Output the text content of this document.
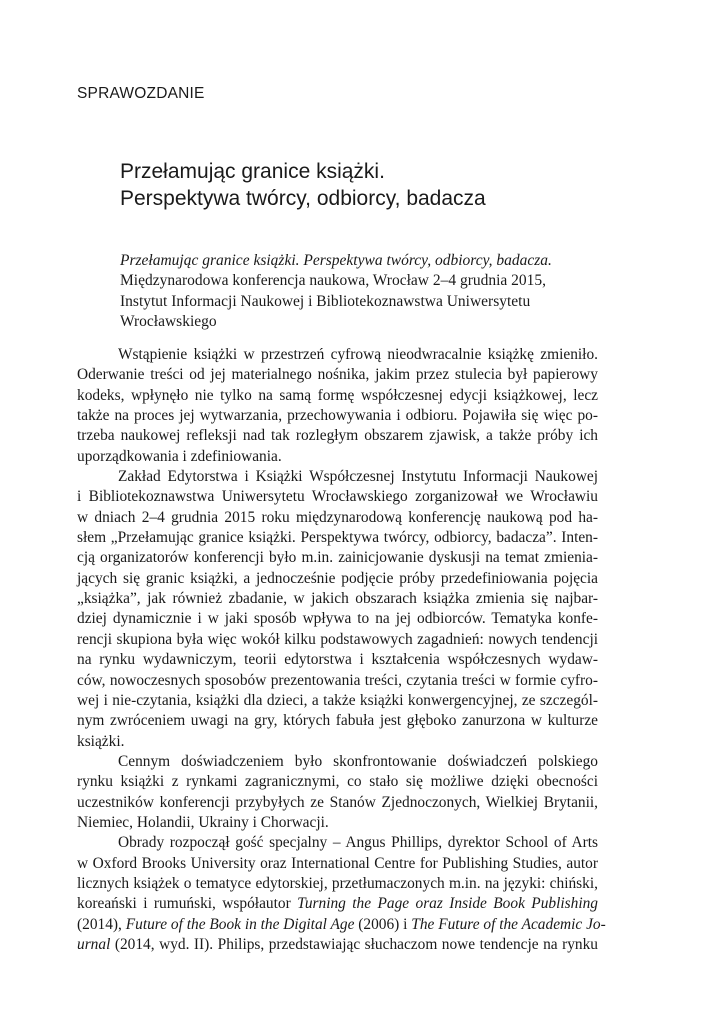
SPRAWOZDANIE
Przełamując granice książki.
Perspektywa twórcy, odbiorcy, badacza
Przełamując granice książki. Perspektywa twórcy, odbiorcy, badacza.
Międzynarodowa konferencja naukowa, Wrocław 2–4 grudnia 2015,
Instytut Informacji Naukowej i Bibliotekoznawstwa Uniwersytetu
Wrocławskiego
Wstąpienie książki w przestrzeń cyfrową nieodwracalnie książkę zmieniło.
Oderwanie treści od jej materialnego nośnika, jakim przez stulecia był papierowy
kodeks, wpłynęło nie tylko na samą formę współczesnej edycji książkowej, lecz
także na proces jej wytwarzania, przechowywania i odbioru. Pojawiła się więc po-
trzeba naukowej refleksji nad tak rozległym obszarem zjawisk, a także próby ich
uporządkowania i zdefiniowania.
Zakład Edytorstwa i Książki Współczesnej Instytutu Informacji Naukowej
i Bibliotekoznawstwa Uniwersytetu Wrocławskiego zorganizował we Wrocławiu
w dniach 2–4 grudnia 2015 roku międzynarodową konferencję naukową pod ha-
słem „Przełamując granice książki. Perspektywa twórcy, odbiorcy, badacza”. Inten-
cją organizatorów konferencji było m.in. zainicjowanie dyskusji na temat zmienia-
jących się granic książki, a jednocześnie podjęcie próby przedefiniowania pojęcia
„książka”, jak również zbadanie, w jakich obszarach książka zmienia się najbar-
dziej dynamicznie i w jaki sposób wpływa to na jej odbiorców. Tematyka konfe-
rencji skupiona była więc wokół kilku podstawowych zagadnień: nowych tendencji
na rynku wydawniczym, teorii edytorstwa i kształcenia współczesnych wydaw-
ców, nowoczesnych sposobów prezentowania treści, czytania treści w formie cyfro-
wej i nie-czytania, książki dla dzieci, a także książki konwergencyjnej, ze szczegól-
nym zwróceniem uwagi na gry, których fabuła jest głęboko zanurzona w kulturze
książki.
Cennym doświadczeniem było skonfrontowanie doświadczeń polskiego
rynku książki z rynkami zagranicznymi, co stało się możliwe dzięki obecności
uczestników konferencji przybyłych ze Stanów Zjednoczonych, Wielkiej Brytanii,
Niemiec, Holandii, Ukrainy i Chorwacji.
Obrady rozpoczął gość specjalny – Angus Phillips, dyrektor School of Arts
w Oxford Brooks University oraz International Centre for Publishing Studies, autor
licznych książek o tematyce edytorskiej, przetłumaczonych m.in. na języki: chiński,
koreański i rumuński, współautor Turning the Page oraz Inside Book Publishing
(2014), Future of the Book in the Digital Age (2006) i The Future of the Academic Jo-
urnal (2014, wyd. II). Philips, przedstawiając słuchaczom nowe tendencje na rynku
